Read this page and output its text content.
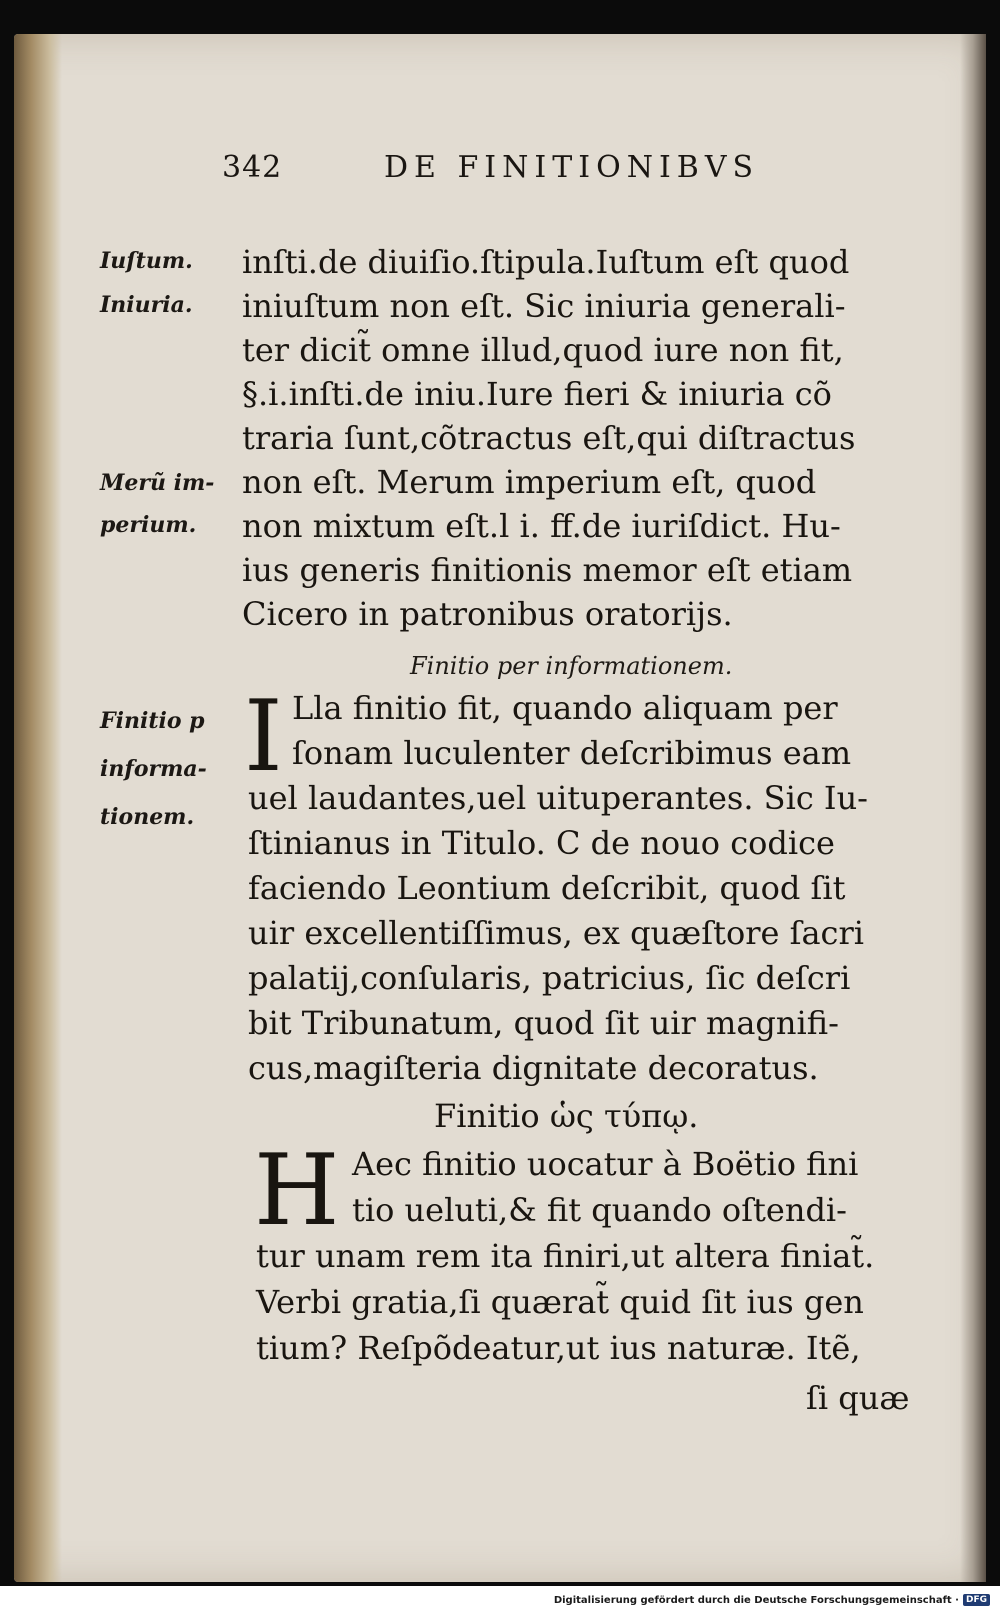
342	DE FINITIONIBVS
Iuſtum.
Iniuria.
Merũ im-
perium.
Finitio p
informa-
tionem.
inſti.de diuiſio.ſtipula.Iuſtum eſt quod
iniuſtum non eſt. Sic iniuria generali-
ter dicit̃ omne illud,quod iure non fit,
§.i.inſti.de iniu.Iure fieri & iniuria cõ
traria ſunt,cõtractus eſt,qui diſtractus
non eſt. Merum imperium eſt, quod
non mixtum eſt.l i. ff.de iuriſdict. Hu-
ius generis finitionis memor eſt etiam
Cicero in patronibus oratorijs.
Finitio per informationem.
I Lla finitio fit, quando aliquam per
ſonam luculenter deſcribimus eam
uel laudantes,uel uituperantes. Sic Iu-
ſtinianus in Titulo. C de nouo codice
faciendo Leontium deſcribit, quod ſit
uir excellentiſſimus, ex quæſtore ſacri
palatij,conſularis, patricius, ſic deſcri
bit Tribunatum, quod ſit uir magnifi-
cus,magiſteria dignitate decoratus.
Finitio ὡς τύπῳ.
H Aec finitio uocatur à Boëtio fini
tio ueluti,& fit quando oſtendi-
tur unam rem ita finiri,ut altera finiat̃.
Verbi gratia,ſi quærat̃ quid ſit ius gen
tium? Reſpõdeatur,ut ius naturæ. Itẽ,
ſi quæ
Digitalisierung gefördert durch die Deutsche Forschungsgemeinschaft · DFG
